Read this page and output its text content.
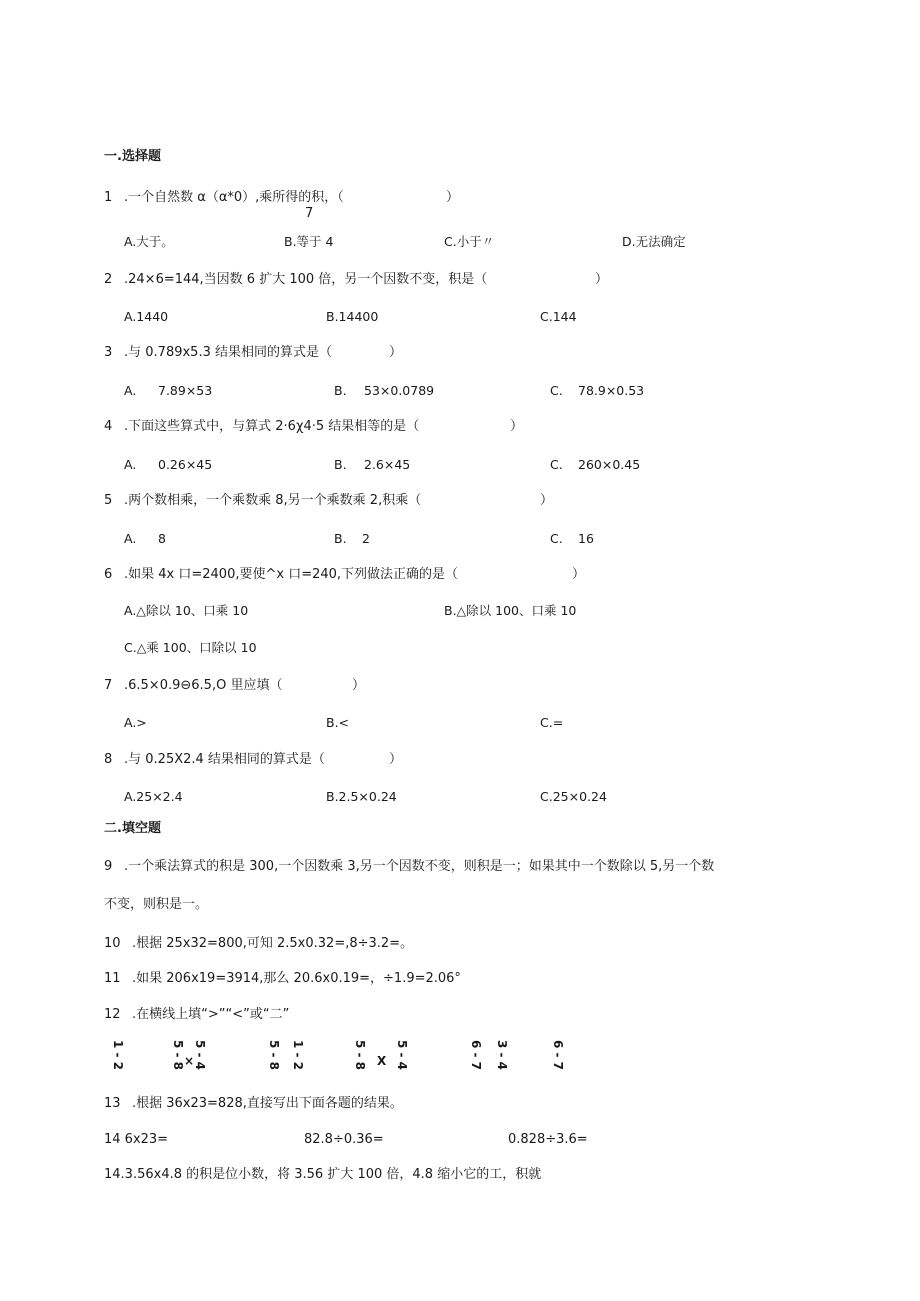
一.选择题
1 .一个自然数 α（α*0）,乘所得的积，（	）
7
A.大于。	B.等于 4	C.小于〃	D.无法确定
2 .24×6=144,当因数 6 扩大 100 倍，另一个因数不变，积是（	）
A.1440	B.14400	C.144
3 .与 0.789x5.3 结果相同的算式是（	）
A. 7.89×53	B. 53×0.0789	C. 78.9×0.53
4 .下面这些算式中，与算式 2·6χ4·5 结果相等的是（	）
A. 0.26×45	B. 2.6×45	C. 260×0.45
5 .两个数相乘，一个乘数乘 8,另一个乘数乘 2,积乘（	）
A. 8	B. 2	C. 16
6 .如果 4x 口=2400,要使^x 口=240,下列做法正确的是（	）
A.△除以 10、口乘 10	B.△除以 100、口乘 10
C.△乘 100、口除以 10
7 .6.5×0.9⊖6.5,O 里应填（	）
A.>	B.<	C.=
8 .与 0.25X2.4 结果相同的算式是（	）
A.25×2.4	B.2.5×0.24	C.25×0.24
二.填空题
9 .一个乘法算式的积是 300,一个因数乘 3,另一个因数不变，则积是一；如果其中一个数除以 5,另一个数
不变，则积是一。
10 .根据 25x32=800,可知 2.5x0.32=,8÷3.2=。
11 .如果 206x19=3914,那么 20.6x0.19=，÷1.9=2.06°
12 .在横线上填“>”“<”或“二”
1 - 2	5 - 8 5 - 4
×	5 - 8 1 - 2	5 - 8 X 5 - 4	6 - 7 3 - 4	6 - 7
13 .根据 36x23=828,直接写出下面各题的结果。
14 6x23=	82.8÷0.36=	0.828÷3.6=
14.3.56x4.8 的积是位小数，将 3.56 扩大 100 倍，4.8 缩小它的工，积就
